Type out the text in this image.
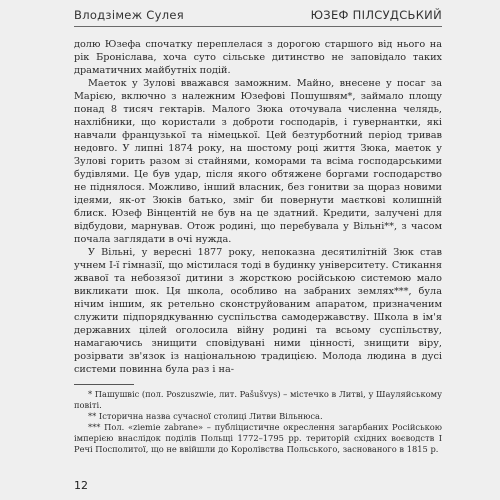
Влодзімеж Сулея	ЮЗЕФ ПІЛСУДСЬКИЙ

долю Юзефа спочатку переплелася з дорогою старшого від нього на рік Броніслава, хоча суто сільське дитинство не заповідало таких драматичних майбутніх подій.

Маеток у Зулові вважався заможним. Майно, внесене у посаг за Марією, включно з належним Юзефові Пошушвям*, займало площу понад 8 тисяч гектарів. Малого Зюка оточувала численна челядь, нахлібники, що користали з доброти господарів, і гувернантки, які навчали французької та німецької. Цей безтурботний період тривав недовго. У липні 1874 року, на шостому році життя Зюка, маеток у Зулові горить разом зі стайнями, коморами та всіма господарськими будівлями. Це був удар, після якого обтяжене боргами господарство не піднялося. Можливо, інший власник, без гонитви за щораз новими ідеями, як-от Зюків батько, зміг би повернути маєткові колишній блиск. Юзеф Вінцентій не був на це здатний. Кредити, залучені для відбудови, марнував. Отож родині, що перебувала у Вільні**, з часом почала заглядати в очі нужда.

У Вільні, у вересні 1877 року, непоказна десятилітній Зюк став учнем I-ї гімназії, що містилася тоді в будинку університету. Стикання жвавої та небозязої дитини з жорсткою російською системою мало викликати шок. Ця школа, особливо на забраних землях***, була нічим іншим, як ретельно сконструйованим апаратом, призначеним служити підпорядкуванню суспільства самодержавству. Школа в ім'я державних цілей оголосила війну родині та всьому суспільству, намагаючись знищити сповідувані ними цінності, знищити віру, розірвати зв'язок із національною традицією. Молода людина в дусі системи повинна була раз і на-

* Пашушвіс (пол. Poszuszwie, лит. Pašušvys) – містечко в Литві, у Шауляйському повіті.

** Історична назва сучасної столиці Литви Вільнюса.

*** Пол. «ziemie zabrane» – публіцистичне окреслення загарбаних Російською імперією внаслідок поділів Польщі 1772–1795 pp. територій східних воєводств І Речі Посполитої, що не ввійшли до Королівства Польського, засновaного в 1815 р.

12
